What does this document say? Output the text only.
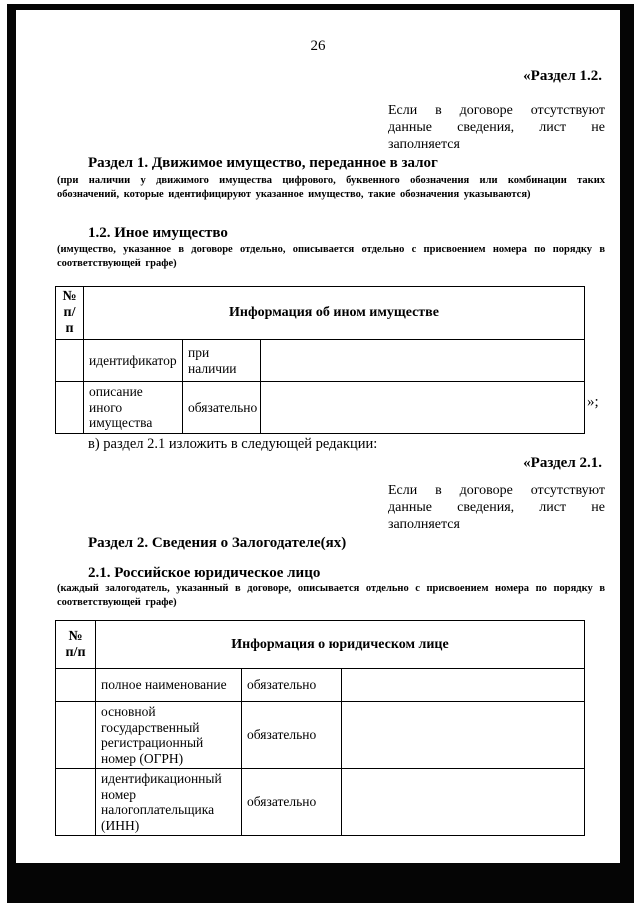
26
«Раздел 1.2.
Если в договоре отсутствуют данные сведения, лист не заполняется
Раздел 1. Движимое имущество, переданное в залог
(при наличии у движимого имущества цифрового, буквенного обозначения или комбинации таких обозначений, которые идентифицируют указанное имущество, такие обозначения указываются)
1.2. Иное имущество
(имущество, указанное в договоре отдельно, описывается отдельно с присвоением номера по порядку в соответствующей графе)
№
п/п	Информация об ином имуществе		
	идентификатор	при наличии	

	описание иного имущества	обязательно		»;
в) раздел 2.1 изложить в следующей редакции:
«Раздел 2.1.
Если в договоре отсутствуют данные сведения, лист не заполняется
Раздел 2. Сведения о Залогодателе(ях)
2.1. Российское юридическое лицо
(каждый залогодатель, указанный в договоре, описывается отдельно с присвоением номера по порядку в соответствующей графе)
№
п/п	Информация о юридическом лице		
	полное наименование	обязательно	
	основной государственный регистрационный номер (ОГРН)	обязательно	
	идентификационный номер налогоплательщика (ИНН)	обязательно	
